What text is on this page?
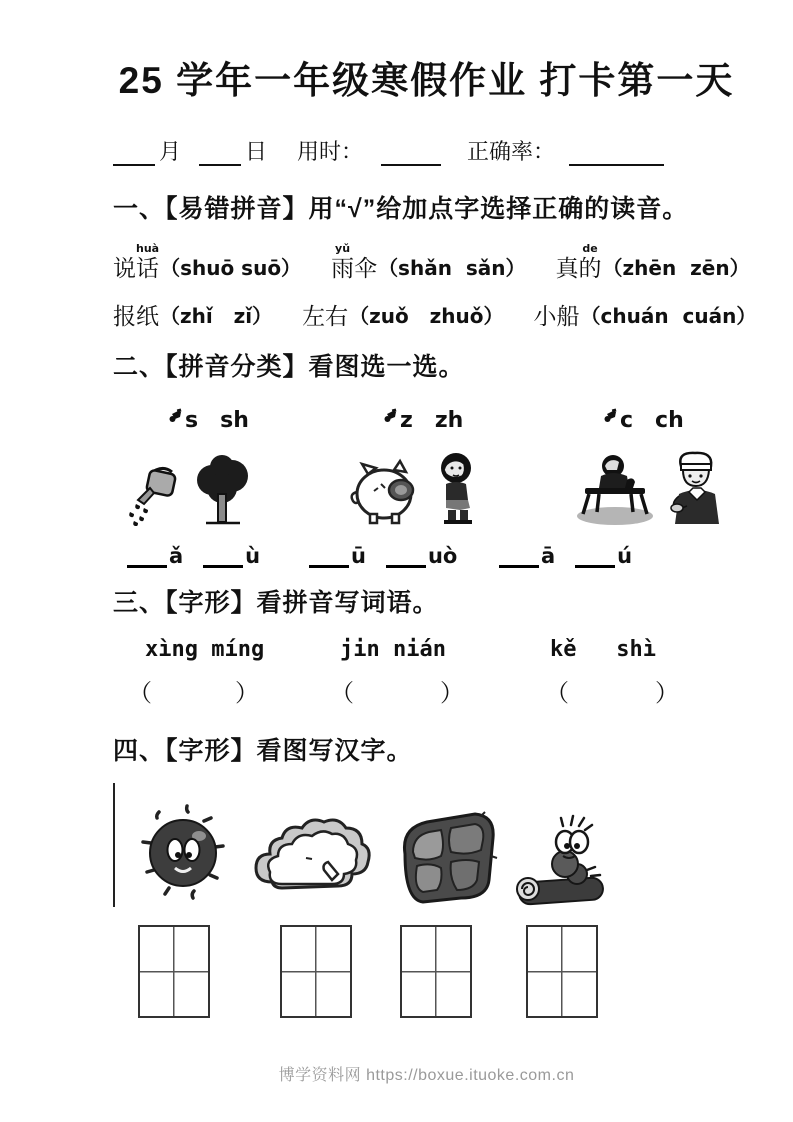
25 学年一年级寒假作业 打卡第一天
月	日 用时：	正确率：
一、【易错拼音】用“√”给加点字选择正确的读音。
说
huà
话 （shuō suō）
yǔ
雨 伞 （shǎn  sǎn） 真
de
的 （zhēn  zēn）
报 纸 （zhǐ   zǐ） 左 右 （zuǒ   zhuǒ） 小 船 （chuán  cuán）
二、【拼音分类】看图选一选。
s sh	z zh	c ch
ǎ	ù	ū	uò	ā	ú
三、【字形】看拼音写词语。
xìng míng	jin nián	kě   shì
（	）	（	）	（	）
四、【字形】看图写汉字。
博学资料网 https://boxue.ituoke.com.cn
